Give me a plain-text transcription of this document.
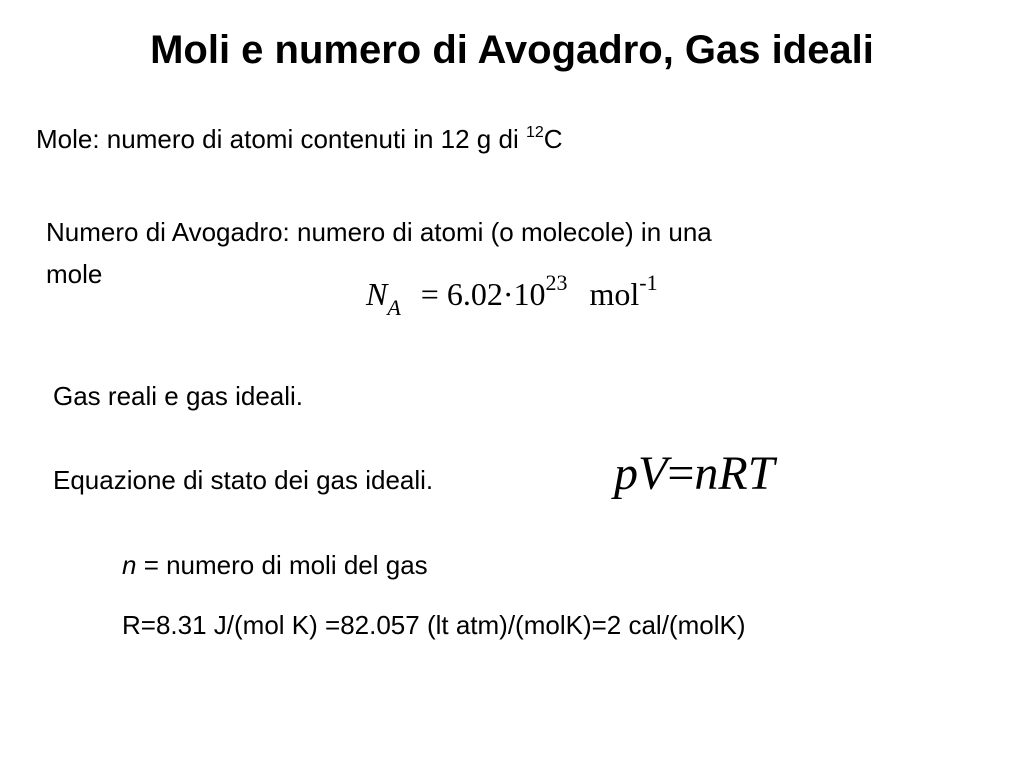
Moli e numero di Avogadro, Gas ideali
Mole: numero di atomi contenuti in 12 g di $^{12}$C
Numero di Avogadro: numero di atomi (o molecole) in una
mole
$N_A = 6.02\cdot 10^{23}$ mol$^{-1}$
Gas reali e gas ideali.
Equazione di stato dei gas ideali.	pV=nRT
n = numero di moli del gas
R=8.31 J/(mol K) =82.057 (lt atm)/(molK)=2 cal/(molK)
